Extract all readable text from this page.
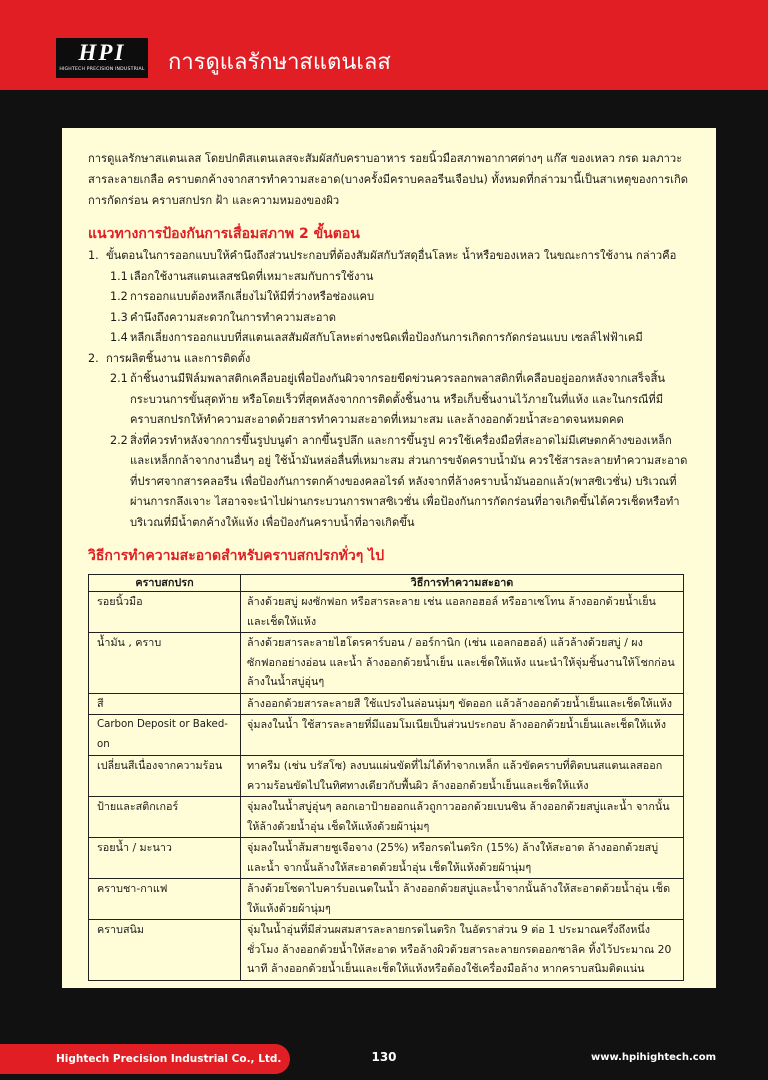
HPI
HIGHTECH PRECISION INDUSTRIAL การดูแลรักษาสแตนเลส

การดูแลรักษาสแตนเลส โดยปกติสแตนเลสจะสัมผัสกับคราบอาหาร รอยนิ้วมือสภาพอากาศต่างๆ แก๊ส ของเหลว กรด มลภาวะ สารละลายเกลือ คราบตกค้างจากสารทำความสะอาด(บางครั้งมีคราบคลอรีนเจือปน) ทั้งหมดที่กล่าวมานี้เป็นสาเหตุของการเกิดการกัดกร่อน คราบสกปรก ฝ้า และความหมองของผิว

แนวทางการป้องกันการเสื่อมสภาพ 2 ขั้นตอน
1. ขั้นตอนในการออกแบบให้คำนึงถึงส่วนประกอบที่ต้องสัมผัสกับวัสดุอื่นโลหะ น้ำหรือของเหลว ในขณะการใช้งาน กล่าวคือ
1.1 เลือกใช้งานสแตนเลสชนิดที่เหมาะสมกับการใช้งาน
1.2 การออกแบบต้องหลีกเลี่ยงไม่ให้มีที่ว่างหรือช่องแคบ
1.3 คำนึงถึงความสะดวกในการทำความสะอาด
1.4 หลีกเลี่ยงการออกแบบที่สแตนเลสสัมผัสกับโลหะต่างชนิดเพื่อป้องกันการเกิดการกัดกร่อนแบบ เซลล์ไฟฟ้าเคมี
2. การผลิตชิ้นงาน และการติดตั้ง
2.1 ถ้าชิ้นงานมีฟิล์มพลาสติกเคลือบอยู่เพื่อป้องกันผิวจากรอยขีดข่วนควรลอกพลาสติกที่เคลือบอยู่ออกหลังจากเสร็จสิ้นกระบวนการขั้นสุดท้าย หรือโดยเร็วที่สุดหลังจากการติดตั้งชิ้นงาน หรือเก็บชิ้นงานไว้ภายในที่แห้ง และในกรณีที่มีคราบสกปรกให้ทำความสะอาดด้วยสารทำความสะอาดที่เหมาะสม และล้างออกด้วยน้ำสะอาดจนหมดคด
2.2 สิ่งที่ควรทำหลังจากการขึ้นรูปบนูตำ ลากขึ้นรูปลึก และการขึ้นรูป ควรใช้เครื่องมือที่สะอาดไม่มีเศษตกค้างของเหล็กและเหล็กกล้าจากงานอื่นๆ อยู่ ใช้น้ำมันหล่อลื่นที่เหมาะสม ส่วนการขจัดคราบน้ำมัน ควรใช้สารละลายทำความสะอาดที่ปราศจากสารคลอรีน เพื่อป้องกันการตกค้างของคลอไรด์ หลังจากที่ล้างคราบน้ำมันออกแล้ว(พาสซิเวชั่น) บริเวณที่ผ่านการกลึงเจาะ ไสอาจจะนำไปผ่านกระบวนการพาสซิเวชั่น เพื่อป้องกันการกัดกร่อนที่อาจเกิดขึ้นได้ควรเช็ดหรือทำบริเวณที่มีน้ำตกค้างให้แห้ง เพื่อป้องกันคราบน้ำที่อาจเกิดขึ้น
วิธีการทำความสะอาดสำหรับคราบสกปรกทั่วๆ ไป
คราบสกปรก	วิธีการทำความสะอาด
รอยนิ้วมือ	ล้างด้วยสบู่ ผงซักฟอก หรือสารละลาย เช่น แอลกอฮอล์ หรืออาเซโทน ล้างออกด้วยน้ำเย็น และเช็ดให้แห้ง
น้ำมัน , คราบ	ล้างด้วยสารละลายไฮโดรคาร์บอน / ออร์กานิก (เช่น แอลกอฮอล์) แล้วล้างด้วยสบู่ / ผงซักฟอกอย่างอ่อน และน้ำ ล้างออกด้วยน้ำเย็น และเช็ดให้แห้ง แนะนำให้จุ่มชิ้นงานให้โชกก่อนล้างในน้ำสบู่อุ่นๆ
สี	ล้างออกด้วยสารละลายสี ใช้แปรงไนล่อนนุ่มๆ ขัดออก แล้วล้างออกด้วยน้ำเย็นและเช็ดให้แห้ง
Carbon Deposit or Baked-on	จุ่มลงในน้ำ ใช้สารละลายที่มีแอมโมเนียเป็นส่วนประกอบ ล้างออกด้วยน้ำเย็นและเช็ดให้แห้ง
เปลี่ยนสีเนื่องจากความร้อน	ทาครีม (เช่น บรัสโซ) ลงบนแผ่นขัดที่ไม่ได้ทำจากเหล็ก แล้วขัดคราบที่ติดบนสแตนเลสออก ความร้อนขัดไปในทิศทางเดียวกับพื้นผิว ล้างออกด้วยน้ำเย็นและเช็ดให้แห้ง
ป้ายและสติกเกอร์	จุ่มลงในน้ำสบู่อุ่นๆ ลอกเอาป้ายออกแล้วถูกาวออกด้วยเบนซิน ล้างออกด้วยสบู่และน้ำ จากนั้นให้ล้างด้วยน้ำอุ่น เช็ดให้แห้งด้วยผ้านุ่มๆ
รอยน้ำ / มะนาว	จุ่มลงในน้ำส้มสายชูเจือจาง (25%) หรือกรดไนตริก (15%) ล้างให้สะอาด ล้างออกด้วยสบู่และน้ำ จากนั้นล้างให้สะอาดด้วยน้ำอุ่น เช็ดให้แห้งด้วยผ้านุ่มๆ
คราบชา-กาแฟ	ล้างด้วยโซดาไบคาร์บอเนตในน้ำ ล้างออกด้วยสบู่และน้ำจากนั้นล้างให้สะอาดด้วยน้ำอุ่น เช็ดให้แห้งด้วยผ้านุ่มๆ
คราบสนิม	จุ่มในน้ำอุ่นที่มีส่วนผสมสารละลายกรดไนตริก ในอัตราส่วน 9 ต่อ 1 ประมาณครึ่งถึงหนึ่งชั่วโมง ล้างออกด้วยน้ำให้สะอาด หรือล้างผิวด้วยสารละลายกรดออกซาลิค ทิ้งไว้ประมาณ 20 นาที ล้างออกด้วยน้ำเย็นและเช็ดให้แห้งหรือต้องใช้เครื่องมือล้าง หากคราบสนิมติดแน่น
Hightech Precision Industrial Co., Ltd.	130	www.hpihightech.com
